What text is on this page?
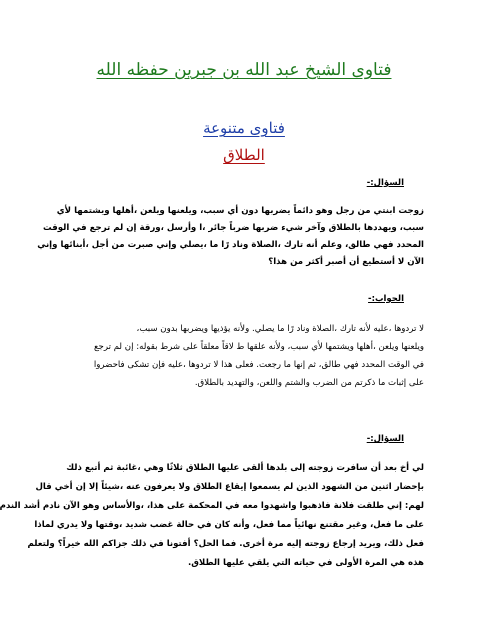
فتاوى الشيخ عبد الله بن جبرين حفظه الله
فتاوى متنوعة
الطلاق
السؤال:-
زوجت ابنتي من رجل وهو دائماً يضربها دون أي سبب، ويلعنها ويلعن ،أهلها ويشتمها لأي
سبب، ويهددها بالطلاق وآخر شيء ضربها ضرباً جائر ،ا وأرسل ،ورقة إن لم ترجع في الوقت
المحدد فهي طالق، وعلم أنه تارك ،الصلاة وناد رًا ما ،يصلي وإني صبرت من أجل ،أبنائها وإني
الآن لا أستطيع أن أصبر أكثر من هذا؟
الجواب:-
لا تردوها ،عليه لأنه تارك ،الصلاة وناد رًا ما يصلي. ولأنه يؤذيها ويضربها بدون سبب،
ويلعنها ويلعن ،أهلها ويشتمها لأي سبب، ولأنه علقها ط لاقاً معلقاً على شرط بقوله: إن لم ترجع
في الوقت المحدد فهي طالق، ثم إنها ما رجعت. فعلى هذا لا تردوها ،عليه فإن تشكى فاحضروا
على إثبات ما ذكرتم من الضرب والشتم واللعن، والتهديد بالطلاق.
السؤال:-
لي أخ بعد أن سافرت زوجته إلى بلدها ألقى عليها الطلاق ثلاثًا وهي ،غائبة ثم أتبع ذلك
بإحضار اثنين من الشهود الذين لم يسمعوا إيقاع الطلاق ولا يعرفون عنه ،شيئاً إلا إن أخي قال
لهم: إني طلقت فلانة فاذهبوا واشهدوا معه في المحكمة على هذا، ،والأساس وهو الآن نادم أشد الندم
على ما فعل، وغير مقتنع نهائياً مما فعل، وأنه كان في حالة غضب شديد ،وقتها ولا يدري لماذا
فعل ذلك، ويريد إرجاع زوجته إليه مرة أخرى. فما الحل؟ أفتونا في ذلك جزاكم الله خيراً؟ ولتعلم
هذه هي المرة الأولى في حياته التي يلقي عليها الطلاق.
